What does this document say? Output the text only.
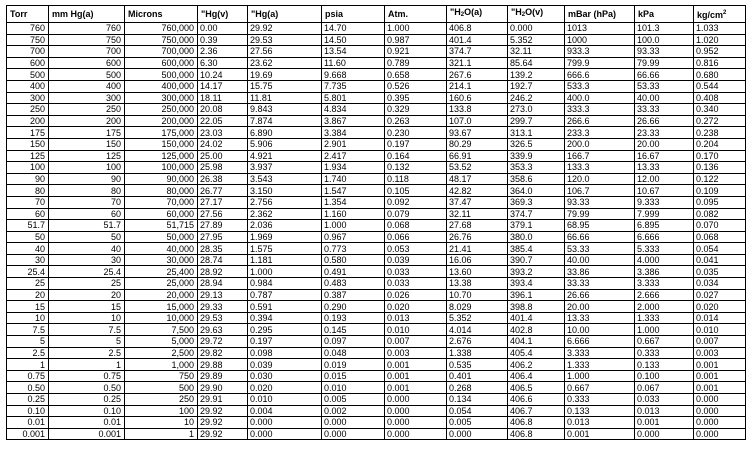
Torr	mm Hg(a)	Microns	"Hg(v)	"Hg(a)	psia	Atm.	"H2O(a)	"H2O(v)	mBar (hPa)	kPa	$kg/cm^2$
760	760	760,000	0.00	29.92	14.70	1.000	406.8	0.000	1013	101.3	1.033
750	750	750,000	0.39	29.53	14.50	0.987	401.4	5.352	1000	100.0	1.020
700	700	700,000	2.36	27.56	13.54	0.921	374.7	32.11	933.3	93.33	0.952
600	600	600,000	6.30	23.62	11.60	0.789	321.1	85.64	799.9	79.99	0.816
500	500	500,000	10.24	19.69	9.668	0.658	267.6	139.2	666.6	66.66	0.680
400	400	400,000	14.17	15.75	7.735	0.526	214.1	192.7	533.3	53.33	0.544
300	300	300,000	18.11	11.81	5.801	0.395	160.6	246.2	400.0	40.00	0.408
250	250	250,000	20.08	9.843	4.834	0.329	133.8	273.0	333.3	33.33	0.340
200	200	200,000	22.05	7.874	3.867	0.263	107.0	299.7	266.6	26.66	0.272
175	175	175,000	23.03	6.890	3.384	0.230	93.67	313.1	233.3	23.33	0.238
150	150	150,000	24.02	5.906	2.901	0.197	80.29	326.5	200.0	20.00	0.204
125	125	125,000	25.00	4.921	2.417	0.164	66.91	339.9	166.7	16.67	0.170
100	100	100,000	25.98	3.937	1.934	0.132	53.52	353.3	133.3	13.33	0.136
90	90	90,000	26.38	3.543	1.740	0.118	48.17	358.6	120.0	12.00	0.122
80	80	80,000	26.77	3.150	1.547	0.105	42.82	364.0	106.7	10.67	0.109
70	70	70,000	27.17	2.756	1.354	0.092	37.47	369.3	93.33	9.333	0.095
60	60	60,000	27.56	2.362	1.160	0.079	32.11	374.7	79.99	7.999	0.082
51.7	51.7	51,715	27.89	2.036	1.000	0.068	27.68	379.1	68.95	6.895	0.070
50	50	50,000	27.95	1.969	0.967	0.066	26.76	380.0	66.66	6.666	0.068
40	40	40,000	28.35	1.575	0.773	0.053	21.41	385.4	53.33	5.333	0.054
30	30	30,000	28.74	1.181	0.580	0.039	16.06	390.7	40.00	4.000	0.041
25.4	25.4	25,400	28.92	1.000	0.491	0.033	13.60	393.2	33.86	3.386	0.035
25	25	25,000	28.94	0.984	0.483	0.033	13.38	393.4	33.33	3.333	0.034
20	20	20,000	29.13	0.787	0.387	0.026	10.70	396.1	26.66	2.666	0.027
15	15	15,000	29.33	0.591	0.290	0.020	8.029	398.8	20.00	2.000	0.020
10	10	10,000	29.53	0.394	0.193	0.013	5.352	401.4	13.33	1.333	0.014
7.5	7.5	7,500	29.63	0.295	0.145	0.010	4.014	402.8	10.00	1.000	0.010
5	5	5,000	29.72	0.197	0.097	0.007	2.676	404.1	6.666	0.667	0.007
2.5	2.5	2,500	29.82	0.098	0.048	0.003	1.338	405.4	3.333	0.333	0.003
1	1	1,000	29.88	0.039	0.019	0.001	0.535	406.2	1.333	0.133	0.001
0.75	0.75	750	29.89	0.030	0.015	0.001	0.401	406.4	1.000	0.100	0.001
0.50	0.50	500	29.90	0.020	0.010	0.001	0.268	406.5	0.667	0.067	0.001
0.25	0.25	250	29.91	0.010	0.005	0.000	0.134	406.6	0.333	0.033	0.000
0.10	0.10	100	29.92	0.004	0.002	0.000	0.054	406.7	0.133	0.013	0.000
0.01	0.01	10	29.92	0.000	0.000	0.000	0.005	406.8	0.013	0.001	0.000
0.001	0.001	1	29.92	0.000	0.000	0.000	0.000	406.8	0.001	0.000	0.000
